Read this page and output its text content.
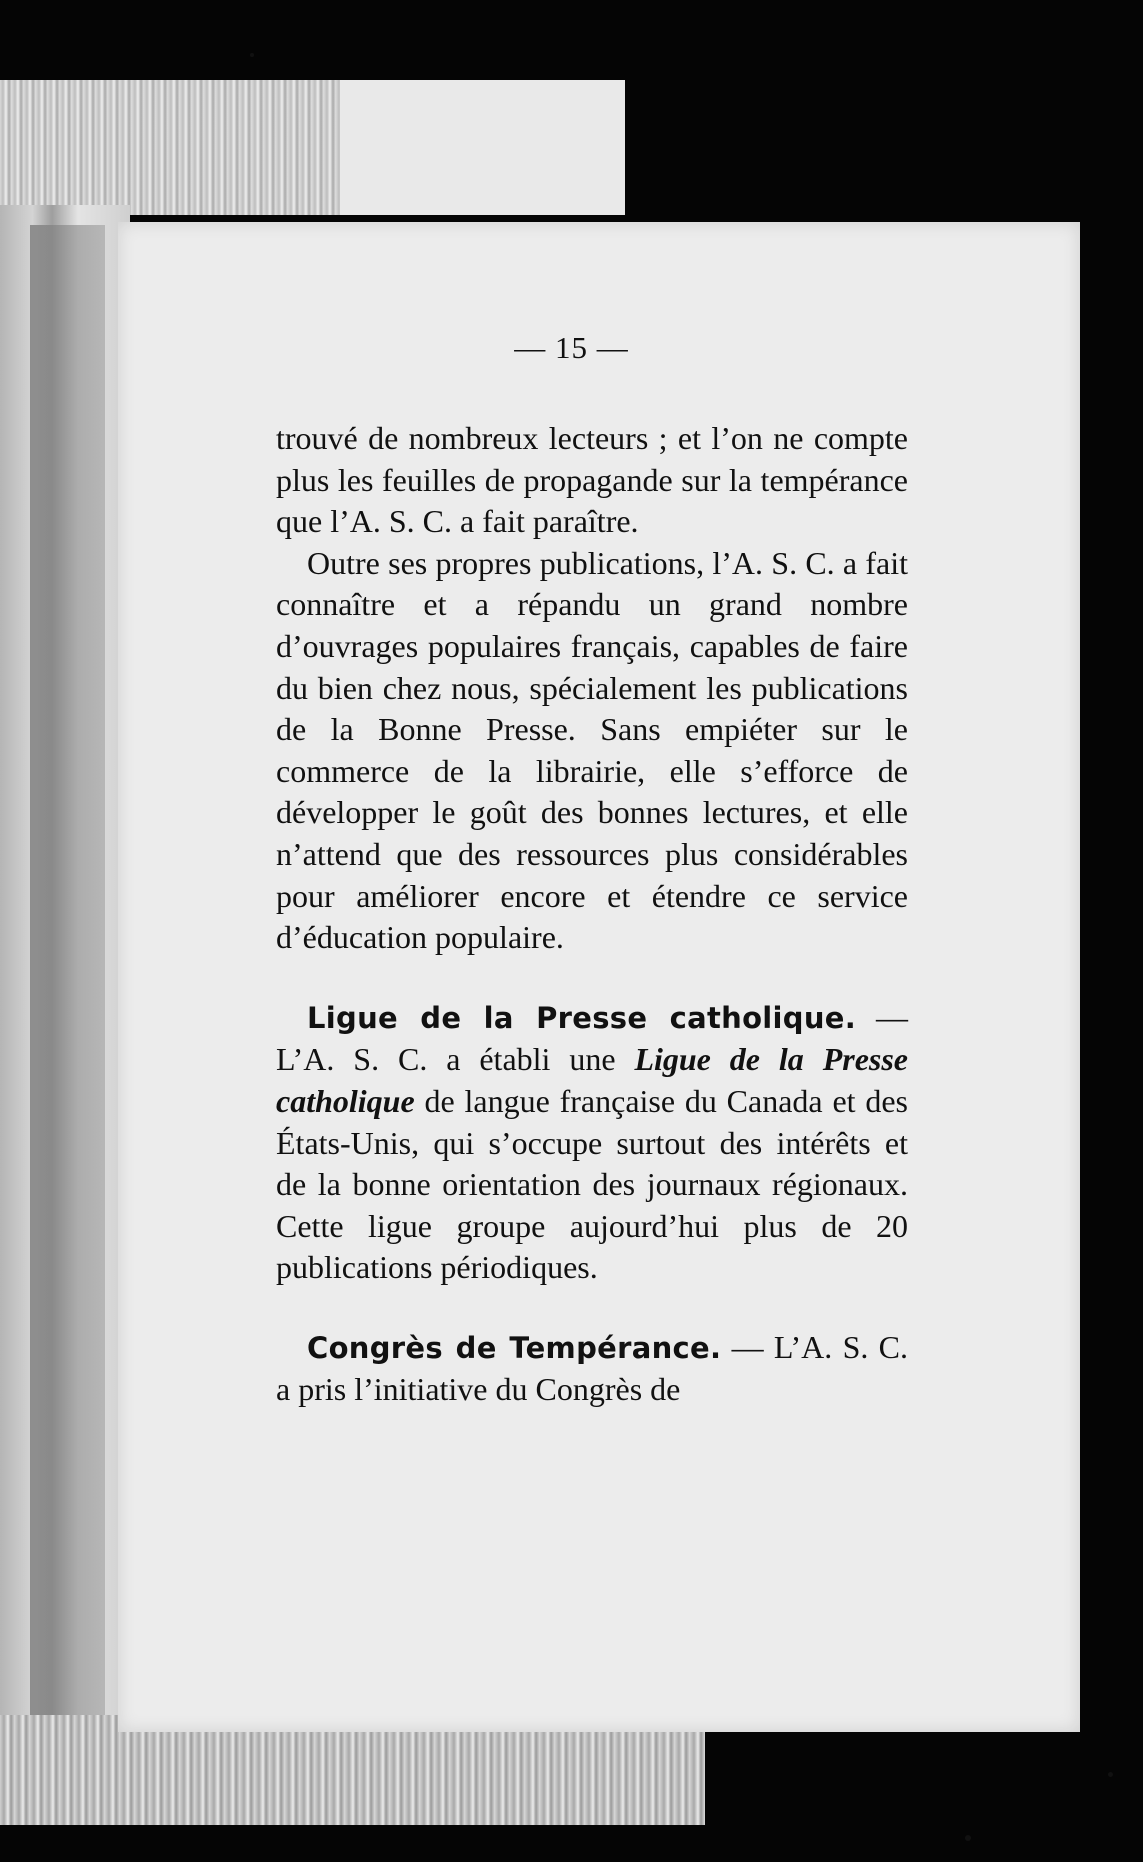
— 15 —

trouvé de nombreux lecteurs ; et l’on ne compte plus les feuilles de propagande sur la tempérance que l’A. S. C. a fait paraître.

Outre ses propres publications, l’A. S. C. a fait connaître et a répandu un grand nombre d’ouvrages populaires français, capables de faire du bien chez nous, spécialement les publications de la Bonne Presse. Sans empiéter sur le commerce de la librairie, elle s’efforce de développer le goût des bonnes lectures, et elle n’attend que des ressources plus considérables pour améliorer encore et étendre ce service d’éducation populaire.

Ligue de la Presse catholique. — L’A. S. C. a établi une Ligue de la Presse catholique de langue française du Canada et des États-Unis, qui s’occupe surtout des intérêts et de la bonne orientation des journaux régionaux. Cette ligue groupe aujourd’hui plus de 20 publications périodiques.

Congrès de Tempérance. — L’A. S. C. a pris l’initiative du Congrès de
